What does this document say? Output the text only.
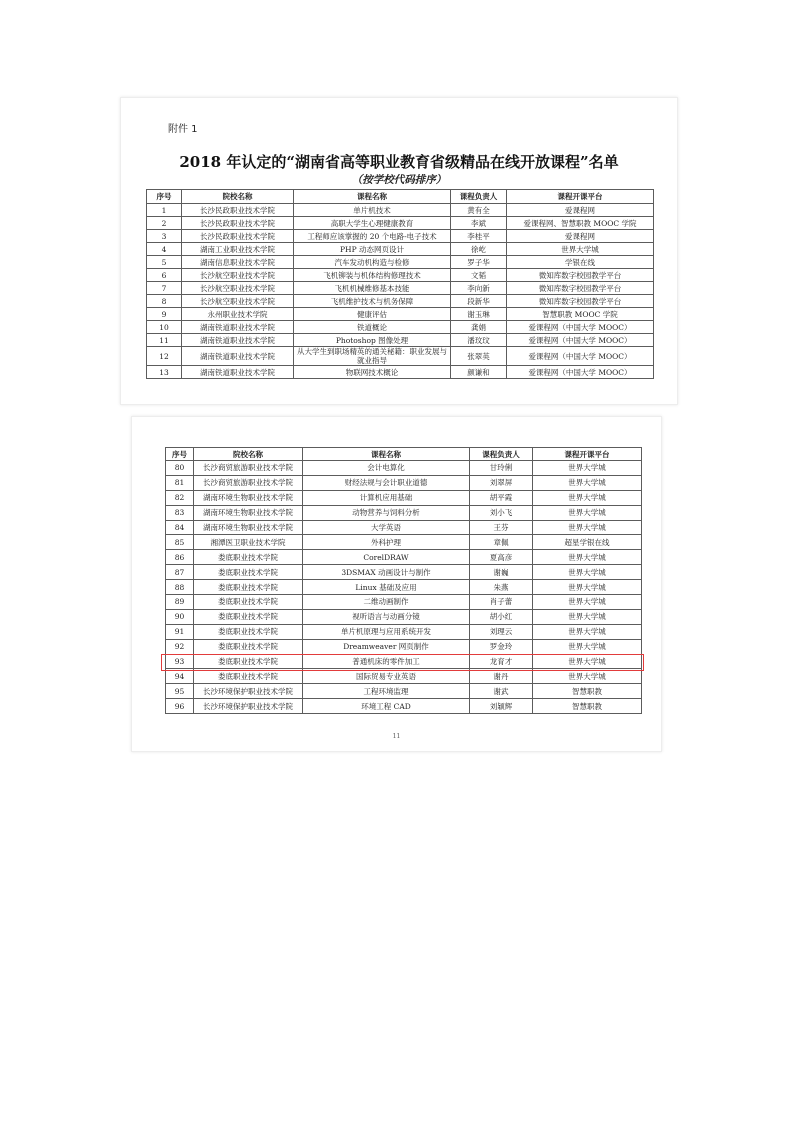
附件 1
2018 年认定的“湖南省高等职业教育省级精品在线开放课程”名单
（按学校代码排序）
序号	院校名称	课程名称	课程负责人	课程开课平台
1	长沙民政职业技术学院	单片机技术	黄有全	爱课程网
2	长沙民政职业技术学院	高职大学生心理健康教育	李斌	爱课程网、智慧职教 MOOC 学院
3	长沙民政职业技术学院	工程师应该掌握的 20 个电路-电子技术	李桂平	爱课程网
4	湖南工业职业技术学院	PHP 动态网页设计	徐屹	世界大学城
5	湖南信息职业技术学院	汽车发动机构造与检修	罗子华	学银在线
6	长沙航空职业技术学院	飞机铆装与机体结构修理技术	文韬	微知库数字校园教学平台
7	长沙航空职业技术学院	飞机机械维修基本技能	李向新	微知库数字校园教学平台
8	长沙航空职业技术学院	飞机维护技术与机务保障	段新华	微知库数字校园教学平台
9	永州职业技术学院	健康评估	谢玉琳	智慧职教 MOOC 学院
10	湖南铁道职业技术学院	铁道概论	龚娟	爱课程网（中国大学 MOOC）
11	湖南铁道职业技术学院	Photoshop 图像处理	潘玟玟	爱课程网（中国大学 MOOC）
12	湖南铁道职业技术学院	从大学生到职场精英的通关秘籍：职业发展与就业指导	张翠英	爱课程网（中国大学 MOOC）
13	湖南铁道职业技术学院	物联网技术概论	颜谦和	爱课程网（中国大学 MOOC）
序号	院校名称	课程名称	课程负责人	课程开课平台
80	长沙商贸旅游职业技术学院	会计电算化	甘玲俐	世界大学城
81	长沙商贸旅游职业技术学院	财经法规与会计职业道德	刘翠屏	世界大学城
82	湖南环境生物职业技术学院	计算机应用基础	胡平霞	世界大学城
83	湖南环境生物职业技术学院	动物营养与饲料分析	刘小飞	世界大学城
84	湖南环境生物职业技术学院	大学英语	王芬	世界大学城
85	湘潭医卫职业技术学院	外科护理	章佩	超星学银在线
86	娄底职业技术学院	CorelDRAW	夏高彦	世界大学城
87	娄底职业技术学院	3DSMAX 动画设计与制作	谢巍	世界大学城
88	娄底职业技术学院	Linux 基础及应用	朱燕	世界大学城
89	娄底职业技术学院	二维动画制作	肖子蕾	世界大学城
90	娄底职业技术学院	视听语言与动画分镜	胡小红	世界大学城
91	娄底职业技术学院	单片机原理与应用系统开发	刘理云	世界大学城
92	娄底职业技术学院	Dreamweaver 网页制作	罗金玲	世界大学城
93	娄底职业技术学院	普通机床的零件加工	龙育才	世界大学城
94	娄底职业技术学院	国际贸易专业英语	谢丹	世界大学城
95	长沙环境保护职业技术学院	工程环境监理	谢武	智慧职教
96	长沙环境保护职业技术学院	环境工程 CAD	刘颖辉	智慧职教
11
